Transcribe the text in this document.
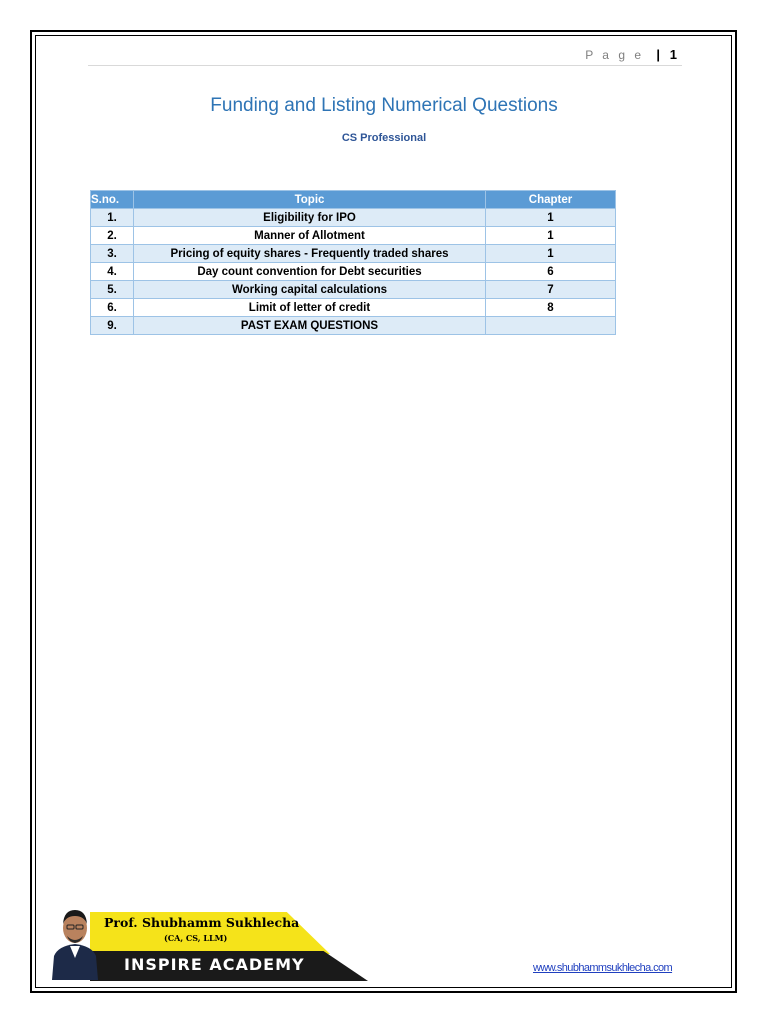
P a g e | 1
Funding and Listing Numerical Questions
CS Professional
S.no.	Topic	Chapter
1.	Eligibility for IPO	1
2.	Manner of Allotment	1
3.	Pricing of equity shares - Frequently traded shares	1
4.	Day count convention for Debt securities	6
5.	Working capital calculations	7
6.	Limit of letter of credit	8
9.	PAST EXAM QUESTIONS	
Prof. Shubhamm Sukhlecha
(CA, CS, LLM)
INSPIRE ACADEMY	www.shubhammsukhlecha.com
